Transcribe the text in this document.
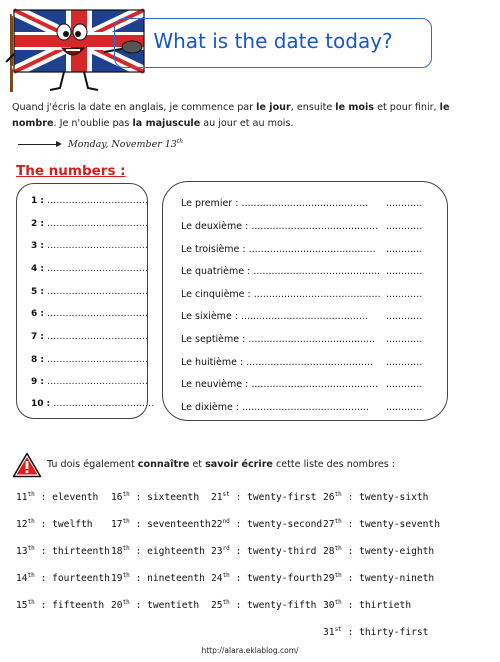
What is the date today?
Quand j'écris la date en anglais, je commence par le jour, ensuite le mois et pour finir, le nombre. Je n'oublie pas la majuscule au jour et au mois.
Monday, November 13th
The numbers :
1 : .................................
2 : .................................
3 : .................................
4 : .................................
5 : .................................
6 : .................................
7 : .................................
8 : .................................
9 : .................................
10 : .................................
Le premier : .......................................... ............
Le deuxième : .......................................... ............
Le troisième : .......................................... ............
Le quatrième : .......................................... ............
Le cinquième : .......................................... ............
Le sixième : .......................................... ............
Le septième : .......................................... ............
Le huitième : .......................................... ............
Le neuvième : .......................................... ............
Le dixième : .......................................... ............
Tu dois également connaître et savoir écrire cette liste des nombres :
11th : eleventh 16th : sixteenth 21st : twenty-first 26th : twenty-sixth
12th : twelfth 17th : seventeenth 22nd : twenty-second 27th : twenty-seventh
13th : thirteenth 18th : eighteenth 23rd : twenty-third 28th : twenty-eighth
14th : fourteenth 19th : nineteenth 24th : twenty-fourth 29th : twenty-nineth
15th : fifteenth 20th : twentieth 25th : twenty-fifth 30th : thirtieth
31st : thirty-first
http://alara.eklablog.com/
